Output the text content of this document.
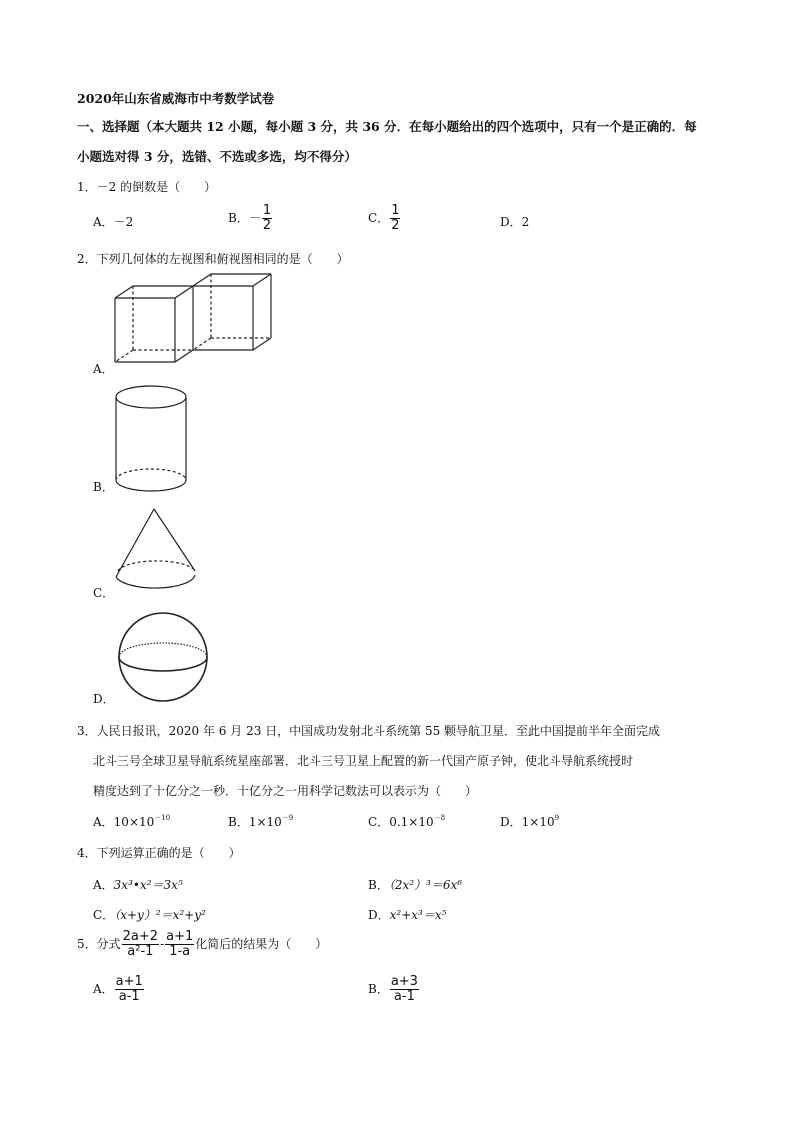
2020年山东省威海市中考数学试卷
一、选择题（本大题共 12 小题，每小题 3 分，共 36 分．在每小题给出的四个选项中，只有一个是正确的．每
小题选对得 3 分，选错、不选或多选，均不得分）
1．－2 的倒数是（　　）
A．－2	B．－ $\frac{1}{2}$	C． $\frac{1}{2}$	D．2
2．下列几何体的左视图和俯视图相同的是（　　）
A．
B．
C．
D．
3．人民日报讯，2020 年 6 月 23 日，中国成功发射北斗系统第 55 颗导航卫星．至此中国提前半年全面完成
北斗三号全球卫星导航系统星座部署．北斗三号卫星上配置的新一代国产原子钟，使北斗导航系统授时
精度达到了十亿分之一秒．十亿分之一用科学记数法可以表示为（　　）
A．$10\times 10^{-10}$	B．$1\times 10^{-9}$	C．$0.1\times 10^{-8}$	D．$1\times 10^9$
4．下列运算正确的是（　　）
A．3x³•x²＝3x⁵	B．（2x²）³＝6x⁶
C．（x+y）²＝x²+y²	D．x²+x³＝x⁵
5．分式 $\frac{2a+2}{\text{a²-1}} - \frac{a+1}{1-a}$ 化简后的结果为（　　）
A． $\frac{a+1}{a-1}$	B． $\frac{a+3}{a-1}$
